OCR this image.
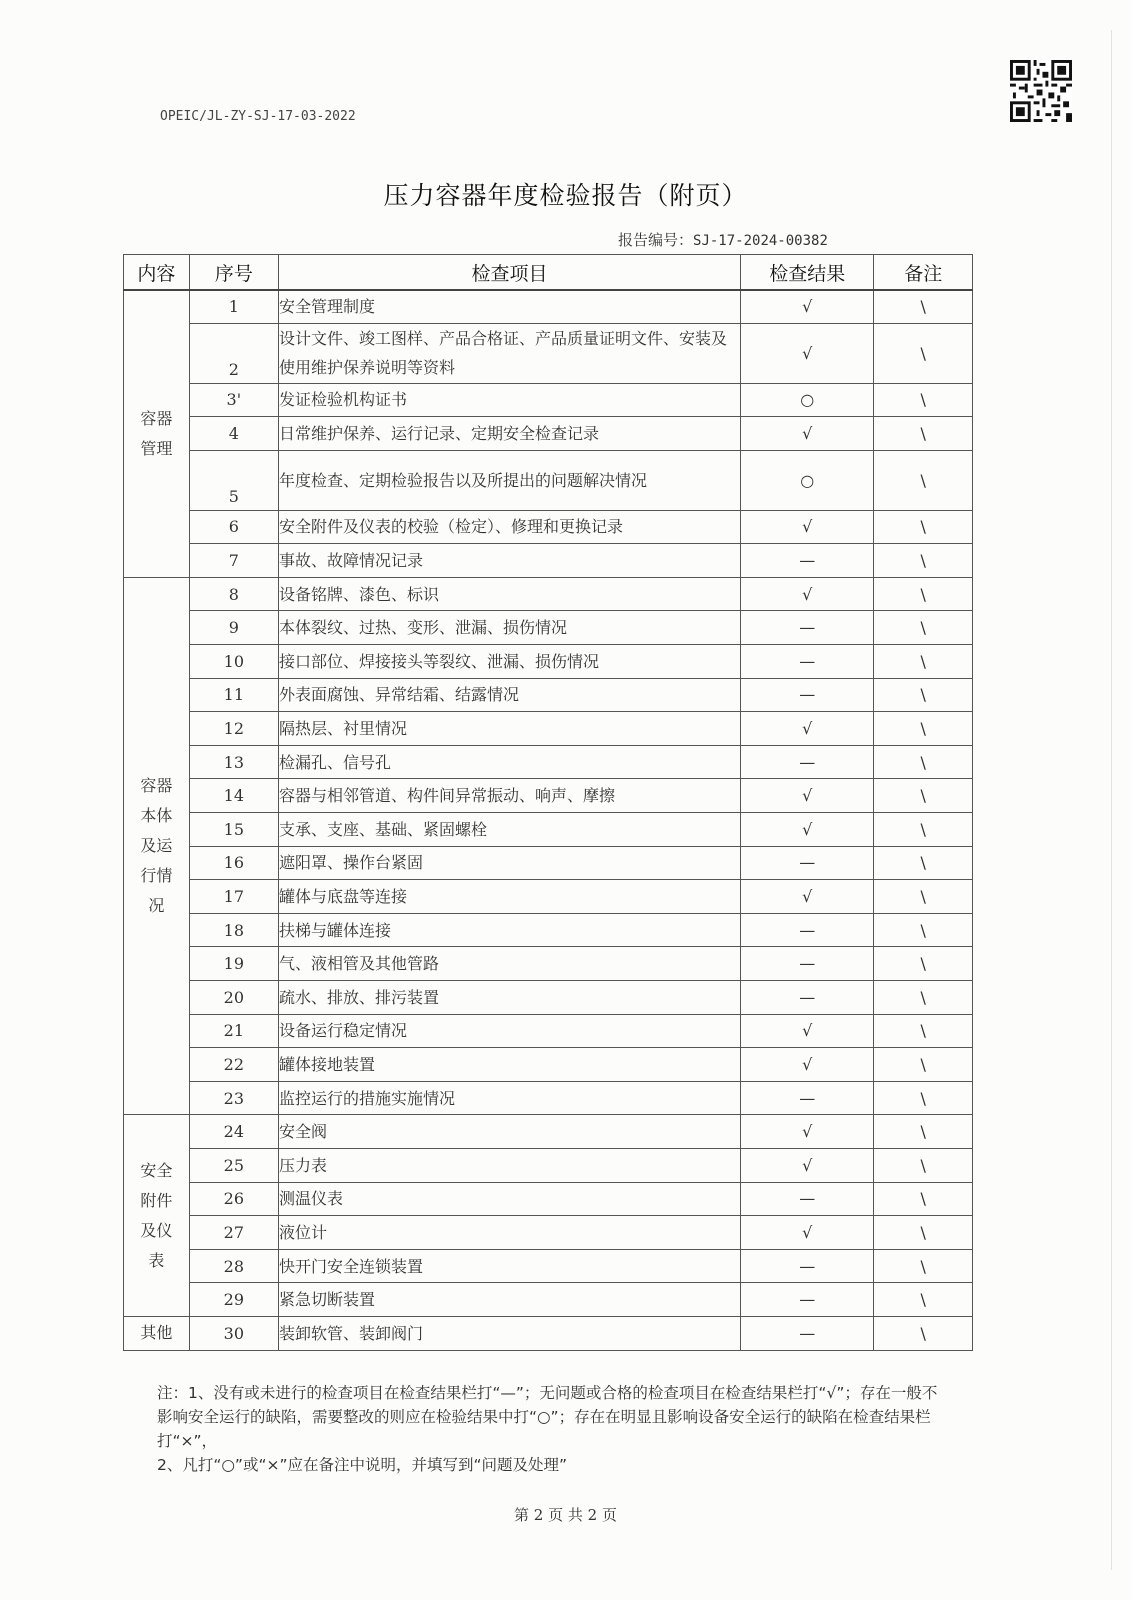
OPEIC/JL-ZY-SJ-17-03-2022
压力容器年度检验报告（附页）
报告编号：SJ-17-2024-00382
内容	序号	检查项目	检查结果	备注

容器
管理	1	安全管理制度	√	\
	2	设计文件、竣工图样、产品合格证、产品质量证明文件、安装及使用维护保养说明等资料	√	\
	3'	发证检验机构证书	○	\
	4	日常维护保养、运行记录、定期安全检查记录	√	\
	5	年度检查、定期检验报告以及所提出的问题解决情况	○	\
	6	安全附件及仪表的校验（检定）、修理和更换记录	√	\
	7	事故、故障情况记录	—	\

容器
本体
及运
行情
况	8	设备铭牌、漆色、标识	√	\
	9	本体裂纹、过热、变形、泄漏、损伤情况	—	\
	10	接口部位、焊接接头等裂纹、泄漏、损伤情况	—	\
	11	外表面腐蚀、异常结霜、结露情况	—	\
	12	隔热层、衬里情况	√	\
	13	检漏孔、信号孔	—	\
	14	容器与相邻管道、构件间异常振动、响声、摩擦	√	\
	15	支承、支座、基础、紧固螺栓	√	\
	16	遮阳罩、操作台紧固	—	\
	17	罐体与底盘等连接	√	\
	18	扶梯与罐体连接	—	\
	19	气、液相管及其他管路	—	\
	20	疏水、排放、排污装置	—	\
	21	设备运行稳定情况	√	\
	22	罐体接地装置	√	\
	23	监控运行的措施实施情况	—	\

安全
附件
及仪
表	24	安全阀	√	\
	25	压力表	√	\
	26	测温仪表	—	\
	27	液位计	√	\
	28	快开门安全连锁装置	—	\
	29	紧急切断装置	—	\

其他	30	装卸软管、装卸阀门	—	\

注：1、没有或未进行的检查项目在检查结果栏打“—”；无问题或合格的检查项目在检查结果栏打“√”；存在一般不影响安全运行的缺陷，需要整改的则应在检验结果中打“○”；存在在明显且影响设备安全运行的缺陷在检查结果栏打“×”，

2、凡打“○”或“×”应在备注中说明，并填写到“问题及处理”

第 2 页 共 2 页
